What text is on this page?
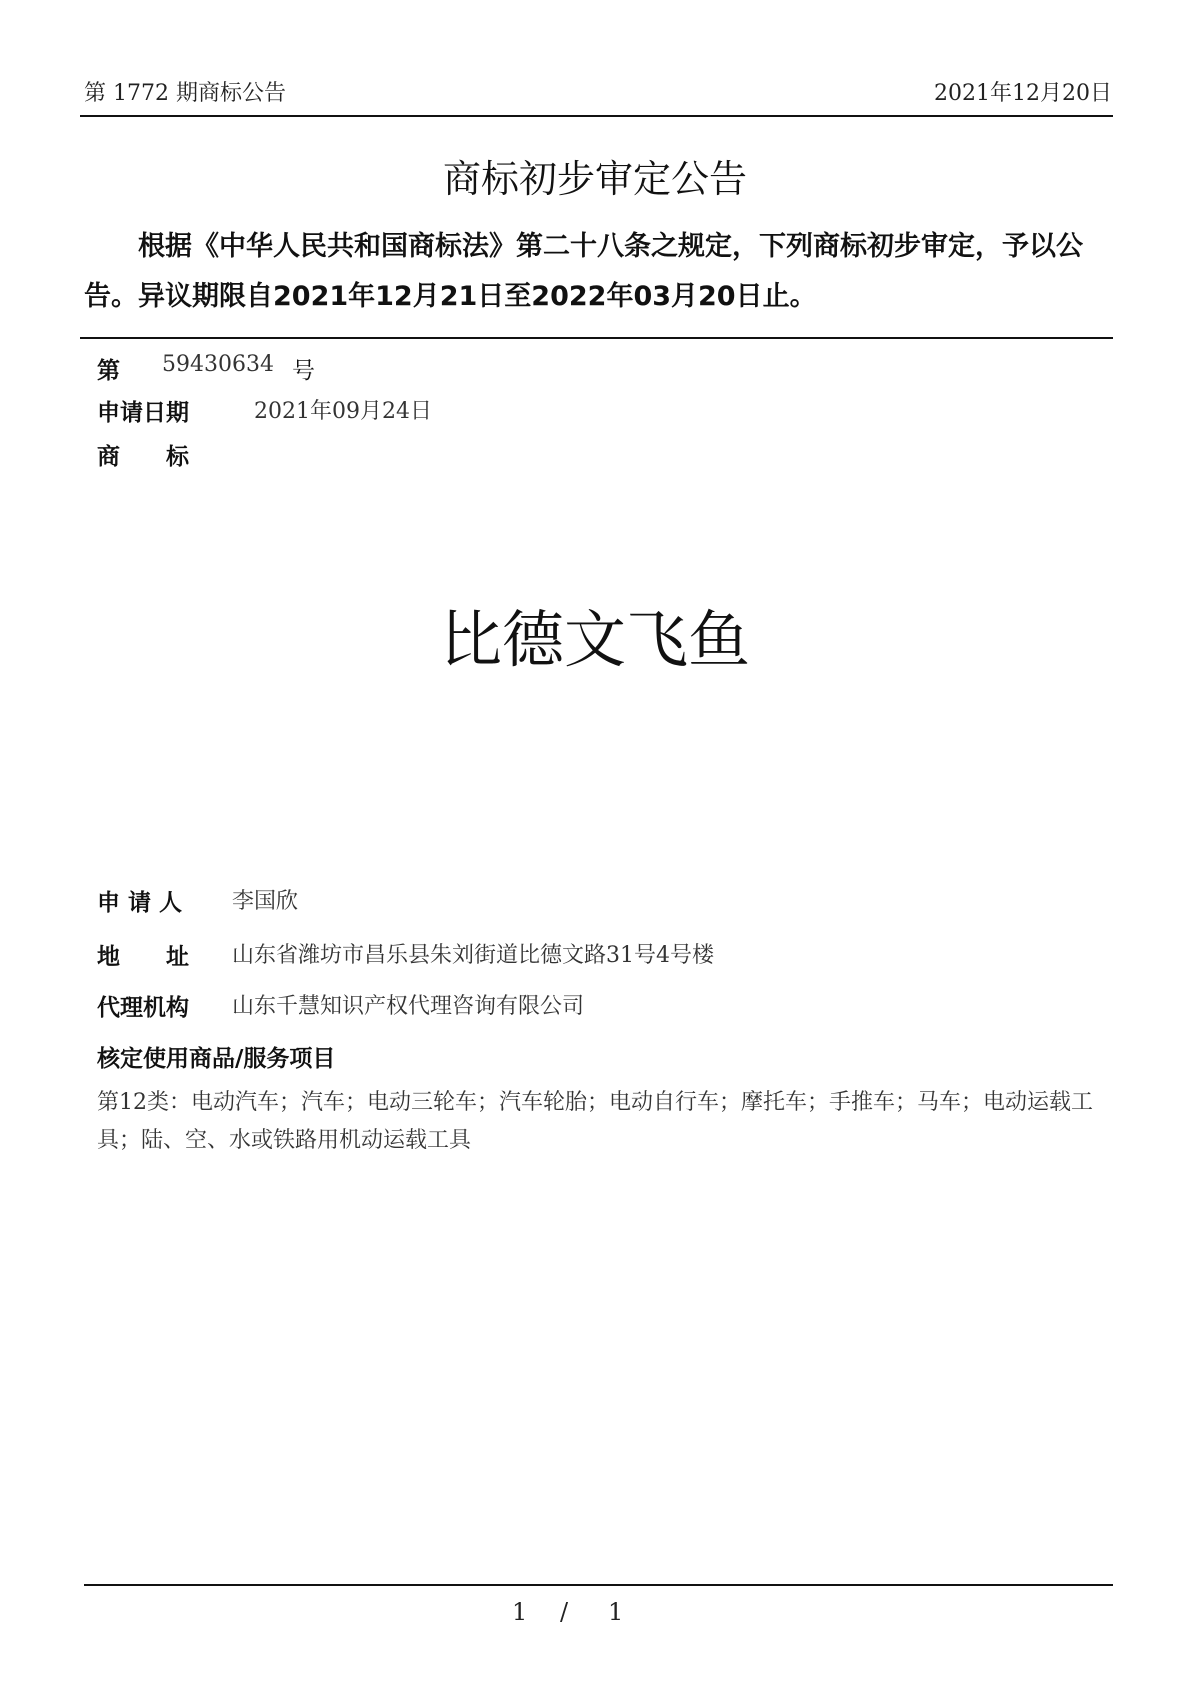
第 1772 期商标公告	2021年12月20日
商标初步审定公告
根据《中华人民共和国商标法》第二十八条之规定，下列商标初步审定，予以公告。异议期限自2021年12月21日至2022年03月20日止。
第 59430634 号
申请日期	2021年09月24日
商　　标
比德文飞鱼
申 请 人 李国欣
地　　址 山东省潍坊市昌乐县朱刘街道比德文路31号4号楼
代理机构 山东千慧知识产权代理咨询有限公司
核定使用商品/服务项目
第12类：电动汽车；汽车；电动三轮车；汽车轮胎；电动自行车；摩托车；手推车；马车；电动运载工具；陆、空、水或铁路用机动运载工具
1 / 1
